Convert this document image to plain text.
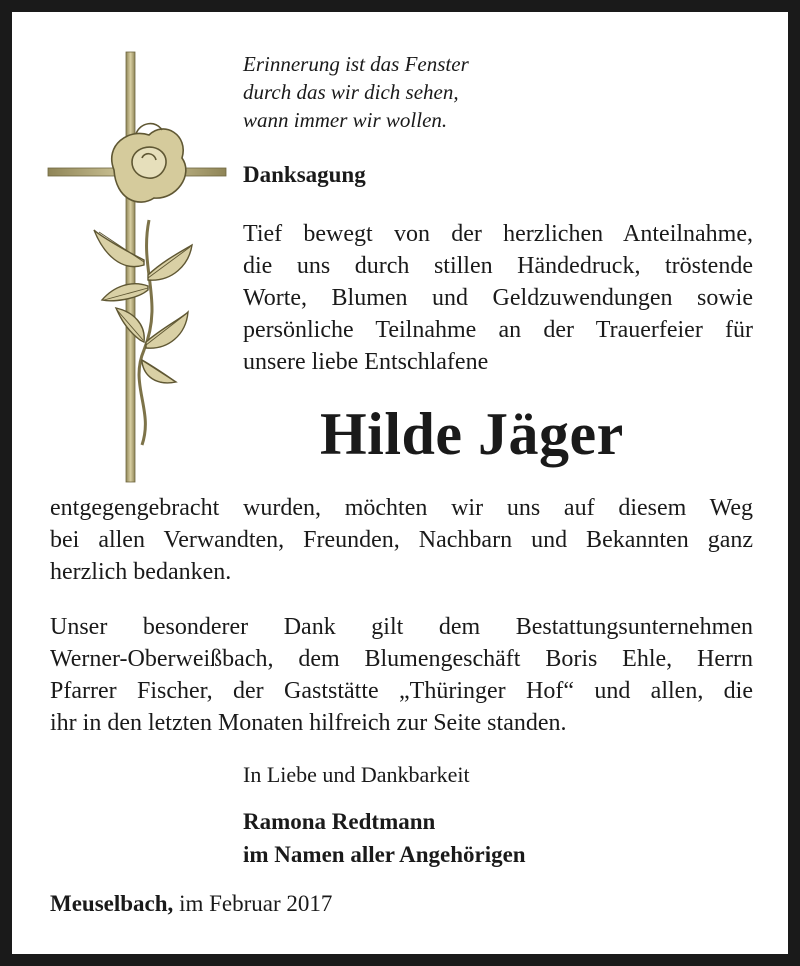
Erinnerung ist das Fenster
durch das wir dich sehen,
wann immer wir wollen.
Danksagung
Tief bewegt von der herzlichen Anteilnahme,
die uns durch stillen Händedruck, tröstende
Worte, Blumen und Geldzuwendungen sowie
persönliche Teilnahme an der Trauerfeier für
unsere liebe Entschlafene
Hilde Jäger
entgegengebracht wurden, möchten wir uns auf diesem Weg
bei allen Verwandten, Freunden, Nachbarn und Bekannten ganz
herzlich bedanken.
Unser besonderer Dank gilt dem Bestattungsunternehmen
Werner-Oberweißbach, dem Blumengeschäft Boris Ehle, Herrn
Pfarrer Fischer, der Gaststätte „Thüringer Hof“ und allen, die
ihr in den letzten Monaten hilfreich zur Seite standen.
In Liebe und Dankbarkeit
Ramona Redtmann
im Namen aller Angehörigen
Meuselbach, im Februar 2017
